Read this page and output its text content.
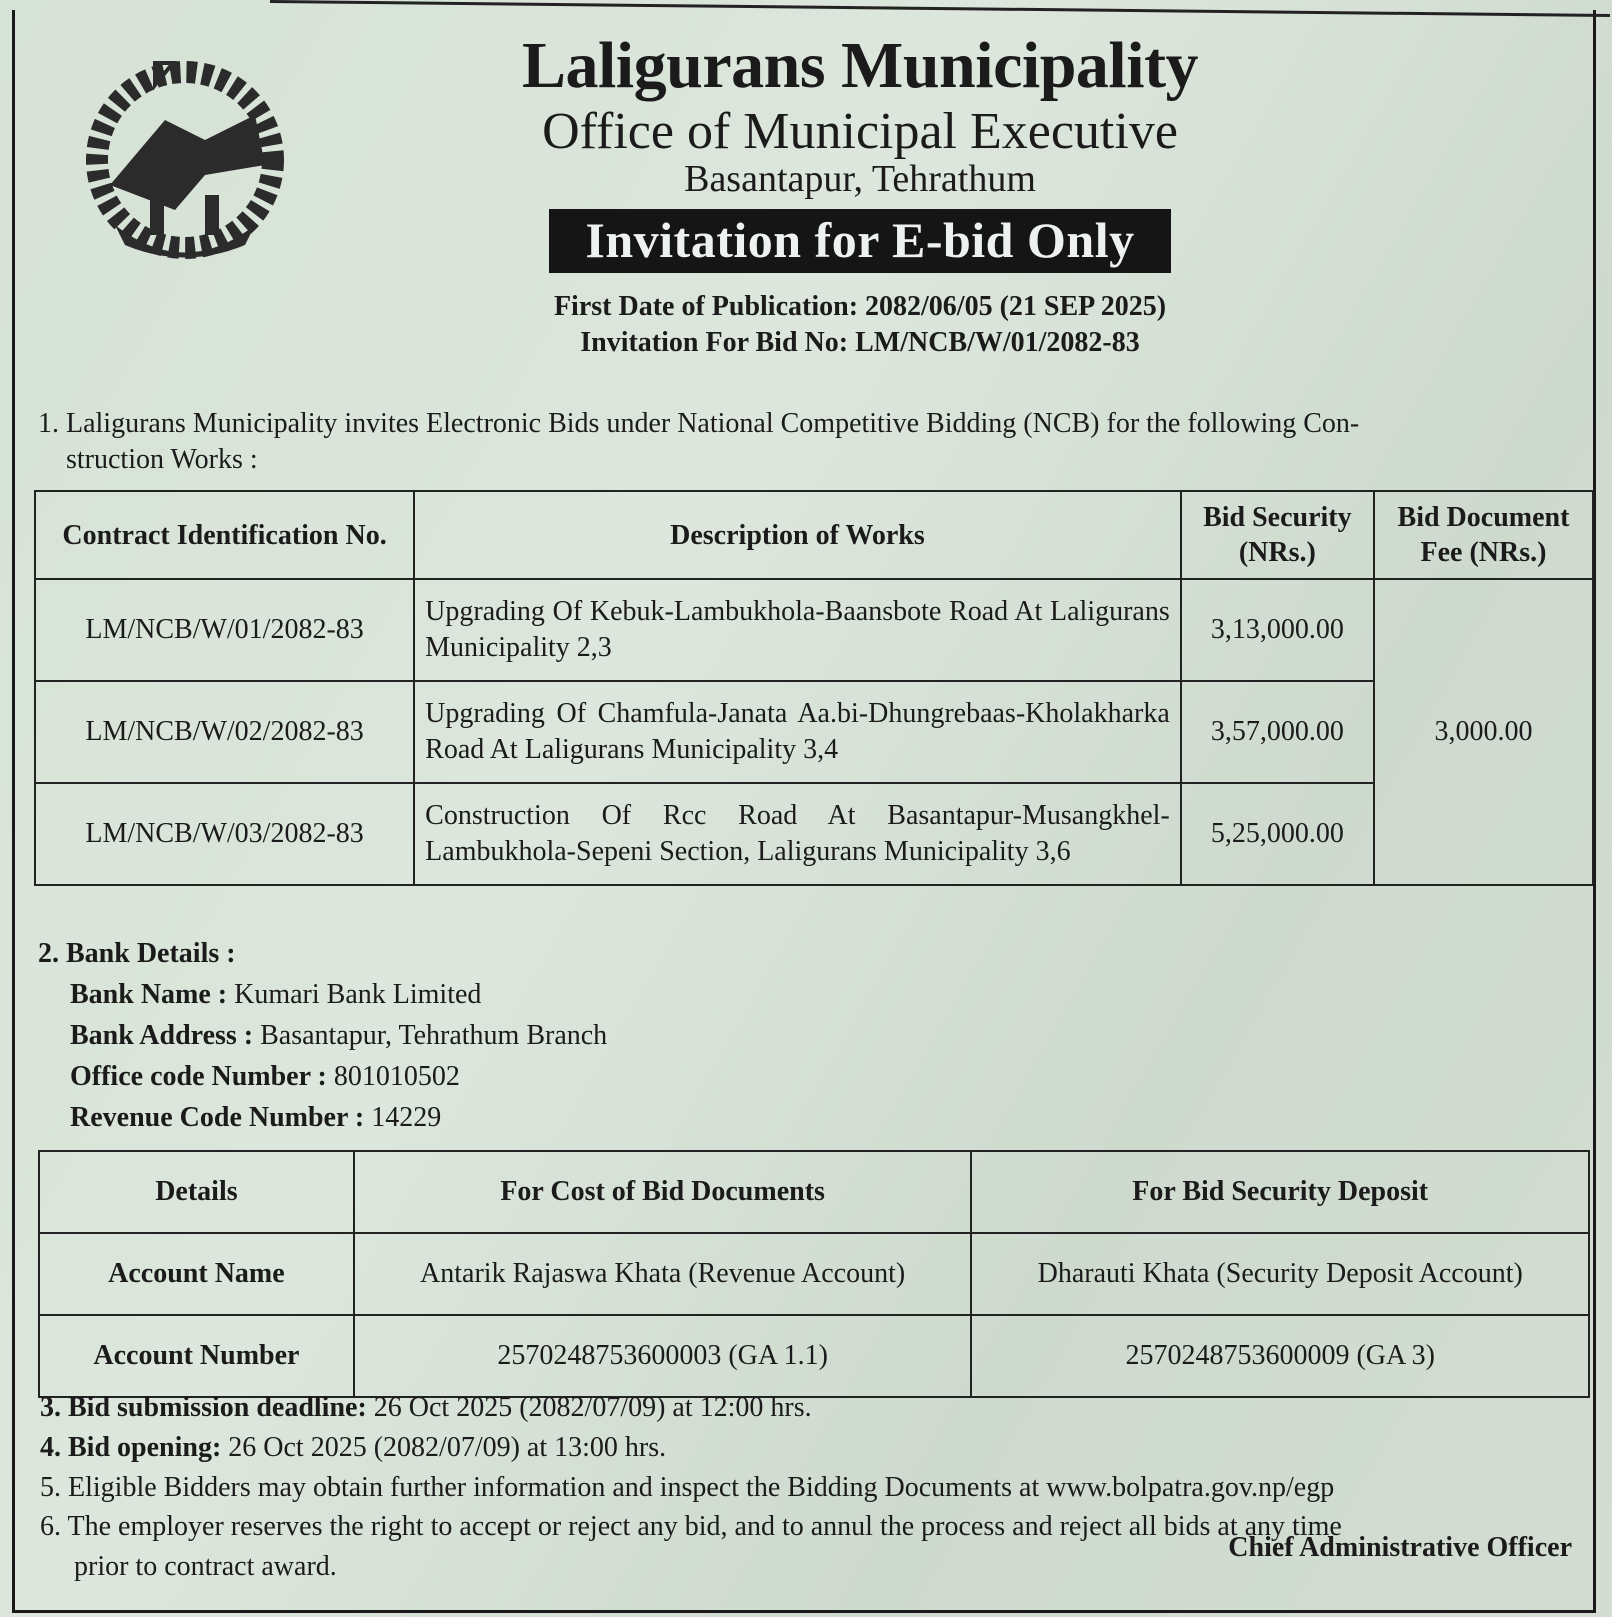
Laligurans Municipality
Office of Municipal Executive
Basantapur, Tehrathum
Invitation for E-bid Only
First Date of Publication: 2082/06/05 (21 SEP 2025)
Invitation For Bid No: LM/NCB/W/01/2082-83
1. Laligurans Municipality invites Electronic Bids under National Competitive Bidding (NCB) for the following Con-
struction Works :
Contract Identification No.	Description of Works	Bid Security (NRs.)	Bid Document Fee (NRs.)
LM/NCB/W/01/2082-83	Upgrading Of Kebuk-Lambukhola-Baansbote Road At Laligurans Municipality 2,3	3,13,000.00	3,000.00
LM/NCB/W/02/2082-83	Upgrading Of Chamfula-Janata Aa.bi-Dhungrebaas-Kholakharka Road At Laligurans Municipality 3,4	3,57,000.00	
LM/NCB/W/03/2082-83	Construction Of Rcc Road At Basantapur-Musangkhel-Lambukhola-Sepeni Section, Laligurans Municipality 3,6	5,25,000.00	
2. Bank Details :
Bank Name : Kumari Bank Limited
Bank Address : Basantapur, Tehrathum Branch
Office code Number : 801010502
Revenue Code Number : 14229
Details	For Cost of Bid Documents	For Bid Security Deposit
Account Name	Antarik Rajaswa Khata (Revenue Account)	Dharauti Khata (Security Deposit Account)
Account Number	2570248753600003 (GA 1.1)	2570248753600009 (GA 3)
3. Bid submission deadline: 26 Oct 2025 (2082/07/09) at 12:00 hrs.
4. Bid opening: 26 Oct 2025 (2082/07/09) at 13:00 hrs.
5. Eligible Bidders may obtain further information and inspect the Bidding Documents at www.bolpatra.gov.np/egp
6. The employer reserves the right to accept or reject any bid, and to annul the process and reject all bids at any time
prior to contract award.
Chief Administrative Officer
